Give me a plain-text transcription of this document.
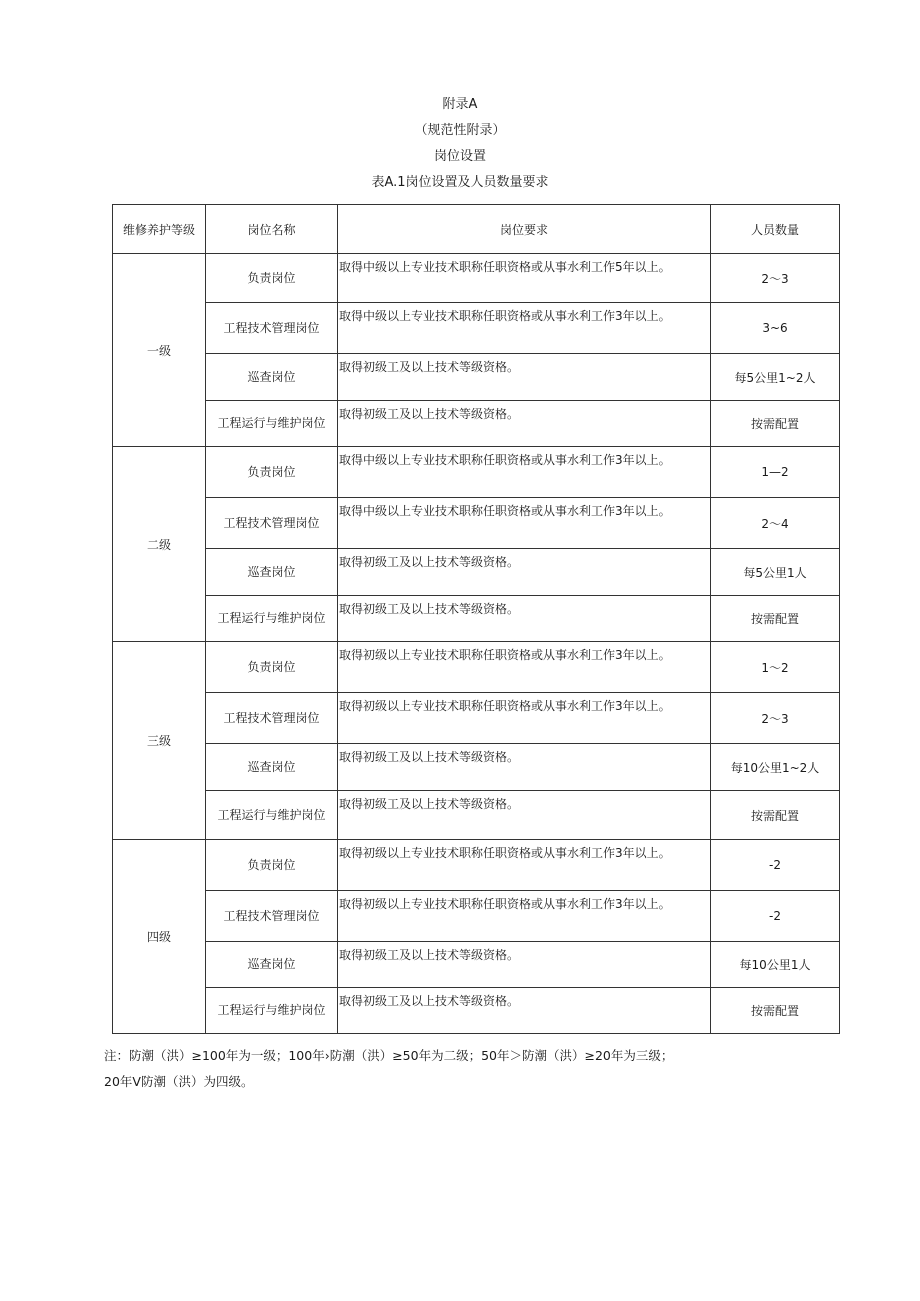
附录A
（规范性附录）
岗位设置
表A.1岗位设置及人员数量要求
维修养护等级	岗位名称	岗位要求	人员数量
一级	负责岗位	取得中级以上专业技术职称任职资格或从事水利工作5年以上。	2～3
	工程技术管理岗位	取得中级以上专业技术职称任职资格或从事水利工作3年以上。	3~6
	巡查岗位	取得初级工及以上技术等级资格。	每5公里1~2人
	工程运行与维护岗位	取得初级工及以上技术等级资格。	按需配置
二级	负责岗位	取得中级以上专业技术职称任职资格或从事水利工作3年以上。	1—2
	工程技术管理岗位	取得中级以上专业技术职称任职资格或从事水利工作3年以上。	2～4
	巡查岗位	取得初级工及以上技术等级资格。	每5公里1人
	工程运行与维护岗位	取得初级工及以上技术等级资格。	按需配置
三级	负责岗位	取得初级以上专业技术职称任职资格或从事水利工作3年以上。	1～2
	工程技术管理岗位	取得初级以上专业技术职称任职资格或从事水利工作3年以上。	2～3
	巡查岗位	取得初级工及以上技术等级资格。	每10公里1~2人
	工程运行与维护岗位	取得初级工及以上技术等级资格。	按需配置
四级	负责岗位	取得初级以上专业技术职称任职资格或从事水利工作3年以上。	-2
	工程技术管理岗位	取得初级以上专业技术职称任职资格或从事水利工作3年以上。	-2
	巡查岗位	取得初级工及以上技术等级资格。	每10公里1人
	工程运行与维护岗位	取得初级工及以上技术等级资格。	按需配置
注：防潮（洪）≥100年为一级；100年›防潮（洪）≥50年为二级；50年＞防潮（洪）≥20年为三级；
20年V防潮（洪）为四级。
